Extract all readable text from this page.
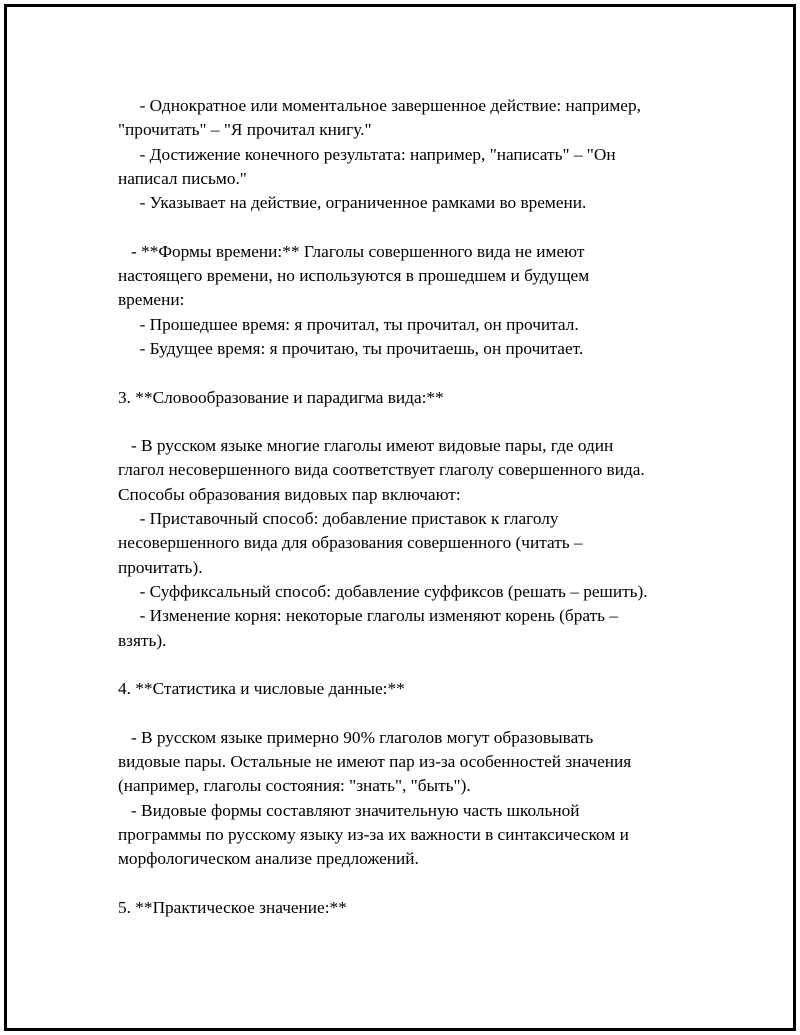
- Однократное или моментальное завершенное действие: например,
"прочитать" – "Я прочитал книгу."
- Достижение конечного результата: например, "написать" – "Он
написал письмо."
- Указывает на действие, ограниченное рамками во времени.
- **Формы времени:** Глаголы совершенного вида не имеют
настоящего времени, но используются в прошедшем и будущем
времени:
- Прошедшее время: я прочитал, ты прочитал, он прочитал.
- Будущее время: я прочитаю, ты прочитаешь, он прочитает.
3. **Словообразование и парадигма вида:**
- В русском языке многие глаголы имеют видовые пары, где один
глагол несовершенного вида соответствует глаголу совершенного вида.
Способы образования видовых пар включают:
- Приставочный способ: добавление приставок к глаголу
несовершенного вида для образования совершенного (читать –
прочитать).
- Суффиксальный способ: добавление суффиксов (решать – решить).
- Изменение корня: некоторые глаголы изменяют корень (брать –
взять).
4. **Статистика и числовые данные:**
- В русском языке примерно 90% глаголов могут образовывать
видовые пары. Остальные не имеют пар из-за особенностей значения
(например, глаголы состояния: "знать", "быть").
- Видовые формы составляют значительную часть школьной
программы по русскому языку из-за их важности в синтаксическом и
морфологическом анализе предложений.
5. **Практическое значение:**
